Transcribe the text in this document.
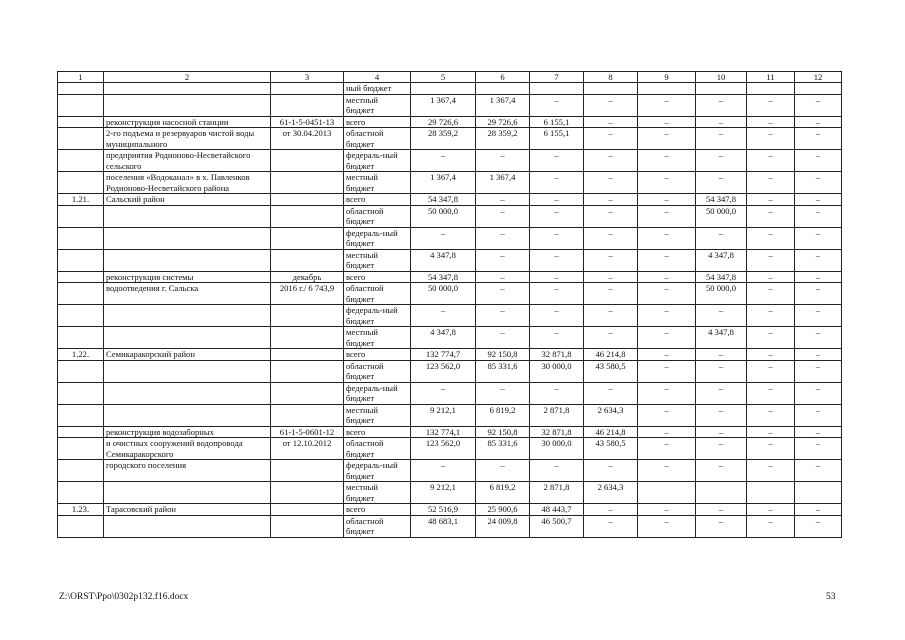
1	2	3	4	5	6	7	8	9	10	11	12
			ный бюджет								
			местный бюджет	1 367,4	1 367,4	–	–	–	–	–	–
	реконструкция насосной станции	61-1-5-0451-13	всего	29 726,6	29 726,6	6 155,1	–	–	–	–	–
	2-го подъема и резервуаров чистой воды муниципального	от 30.04.2013	областной бюджет	28 359,2	28 359,2	6 155,1	–	–	–	–	–
	предприятия Родионово-Несветайского сельского		федераль-ный бюджет	–	–	–	–	–	–	–	–
	поселения «Водоканал» в х. Павленков Родионово-Несветайского района		местный бюджет	1 367,4	1 367,4	–	–	–	–	–	–
1.21.	Сальский район		всего	54 347,8	–	–	–	–	54 347,8	–	–
			областной бюджет	50 000,0	–	–	–	–	50 000,0	–	–
			федераль-ный бюджет	–	–	–	–	–	–	–	–
			местный бюджет	4 347,8	–	–	–	–	4 347,8	–	–
	реконструкция системы	декабрь	всего	54 347,8	–	–	–	–	54 347,8	–	–
	водоотведения г. Сальска	2016 г./ 6 743,9	областной бюджет	50 000,0	–	–	–	–	50 000,0	–	–
			федераль-ный бюджет	–	–	–	–	–	–	–	–
			местный бюджет	4 347,8	–	–	–	–	4 347,8	–	–
1.22.	Семикаракорский район		всего	132 774,7	92 150,8	32 871,8	46 214,8	–	–	–	–
			областной бюджет	123 562,0	85 331,6	30 000,0	43 580,5	–	–	–	–
			федераль-ный бюджет	–	–	–	–	–	–	–	–
			местный бюджет	9 212,1	6 819,2	2 871,8	2 634,3	–	–	–	–
	реконструкция водозаборных	61-1-5-0601-12	всего	132 774,1	92 150,8	32 871,8	46 214,8	–	–	–	–
	и очистных сооружений водопровода Семикаракорского	от 12.10.2012	областной бюджет	123 562,0	85 331,6	30 000,0	43 580,5	–	–	–	–
	городского поселения		федераль-ный бюджет	–	–	–	–	–	–	–	–
			местный бюджет	9 212,1	6 819,2	2 871,8	2 634,3				
1.23.	Тарасовский район		всего	52 516,9	25 900,6	48 443,7	–	–	–	–	–
			областной бюджет	48 683,1	24 009,8	46 500,7	–	–	–	–	–
Z:\ORST\Ppo\0302p132.f16.docx	53
